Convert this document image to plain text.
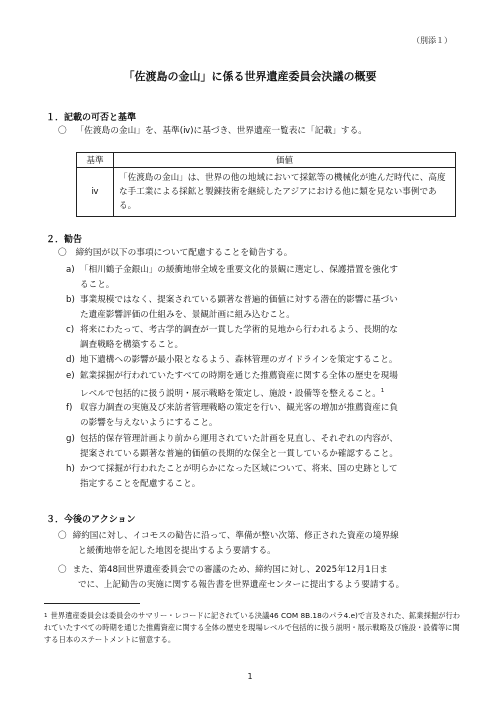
（別添１）
「佐渡島の金山」に係る世界遺産委員会決議の概要
１．記載の可否と基準
〇 「佐渡島の金山」を、基準(ⅳ)に基づき、世界遺産一覧表に「記載」する。
基準	価値
ⅳ	「佐渡島の金山」は、世界の他の地域において採鉱等の機械化が進んだ時代に、高度な手工業による採鉱と製錬技術を継続したアジアにおける他に類を見ない事例である。
２．勧告
〇 締約国が以下の事項について配慮することを勧告する。
a) 「相川鶴子金銀山」の緩衝地帯全域を重要文化的景観に選定し、保護措置を強化す
ること。
b) 事業規模ではなく、提案されている顕著な普遍的価値に対する潜在的影響に基づい
た遺産影響評価の仕組みを、景観計画に組み込むこと。
c) 将来にわたって、考古学的調査が一貫した学術的見地から行われるよう、長期的な
調査戦略を構築すること。
d) 地下遺構への影響が最小限となるよう、森林管理のガイドラインを策定すること。
e) 鉱業採掘が行われていたすべての時期を通じた推薦資産に関する全体の歴史を現場
レベルで包括的に扱う説明・展示戦略を策定し、施設・設備等を整えること。$^1$
f) 収容力調査の実施及び来訪者管理戦略の策定を行い、観光客の増加が推薦資産に負
の影響を与えないようにすること。
g) 包括的保存管理計画より前から運用されていた計画を見直し、それぞれの内容が、
提案されている顕著な普遍的価値の長期的な保全と一貫しているか確認すること。
h) かつて採掘が行われたことが明らかになった区域について、将来、国の史跡として
指定することを配慮すること。
３．今後のアクション
〇 締約国に対し、イコモスの勧告に沿って、準備が整い次第、修正された資産の境界線
と緩衝地帯を記した地図を提出するよう要請する。
〇 また、第48回世界遺産委員会での審議のため、締約国に対し、2025年12月1日ま
でに、上記勧告の実施に関する報告書を世界遺産センターに提出するよう要請する。
$^1$ 世界遺産委員会は委員会のサマリー・レコードに記されている決議46 COM 8B.18のパラ4.e)で言及された、鉱業採掘が行われていたすべての時期を通じた推薦資産に関する全体の歴史を現場レベルで包括的に扱う説明・展示戦略及び施設・設備等に関する日本のステートメントに留意する。
1
